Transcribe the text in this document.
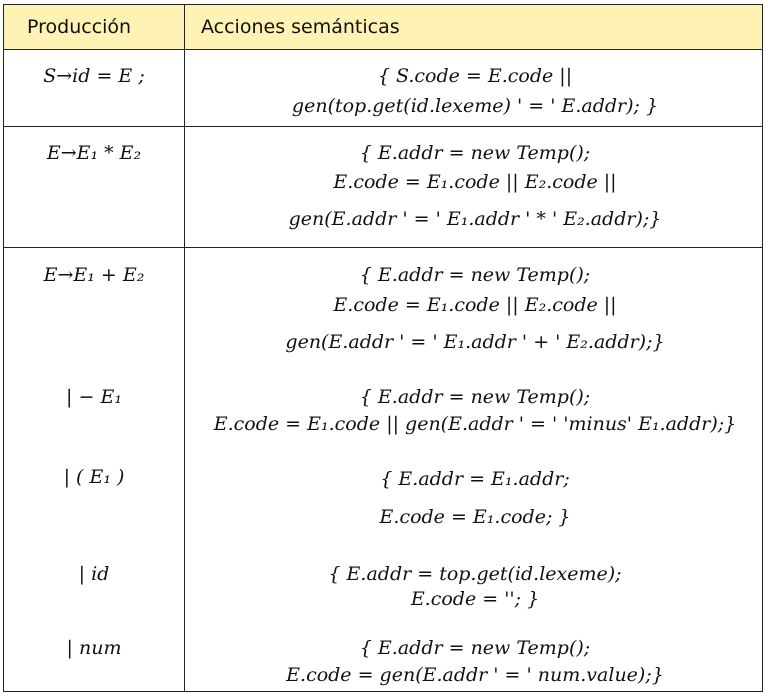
Producción	Acciones semánticas
S→id = E ;	{ S.code = E.code ||
gen(top.get(id.lexeme) ' = ' E.addr); }
E→E₁ * E₂	{ E.addr = new Temp();
E.code = E₁.code || E₂.code ||
gen(E.addr ' = ' E₁.addr ' * ' E₂.addr);}
E→E₁ + E₂	{ E.addr = new Temp();
E.code = E₁.code || E₂.code ||
gen(E.addr ' = ' E₁.addr ' + ' E₂.addr);}
| − E₁	{ E.addr = new Temp();
E.code = E₁.code || gen(E.addr ' = ' 'minus' E₁.addr);}
| ( E₁ )	{ E.addr = E₁.addr;
E.code = E₁.code; }
| id	{ E.addr = top.get(id.lexeme);
E.code = ''; }
| num	{ E.addr = new Temp();
E.code = gen(E.addr ' = ' num.value);}
